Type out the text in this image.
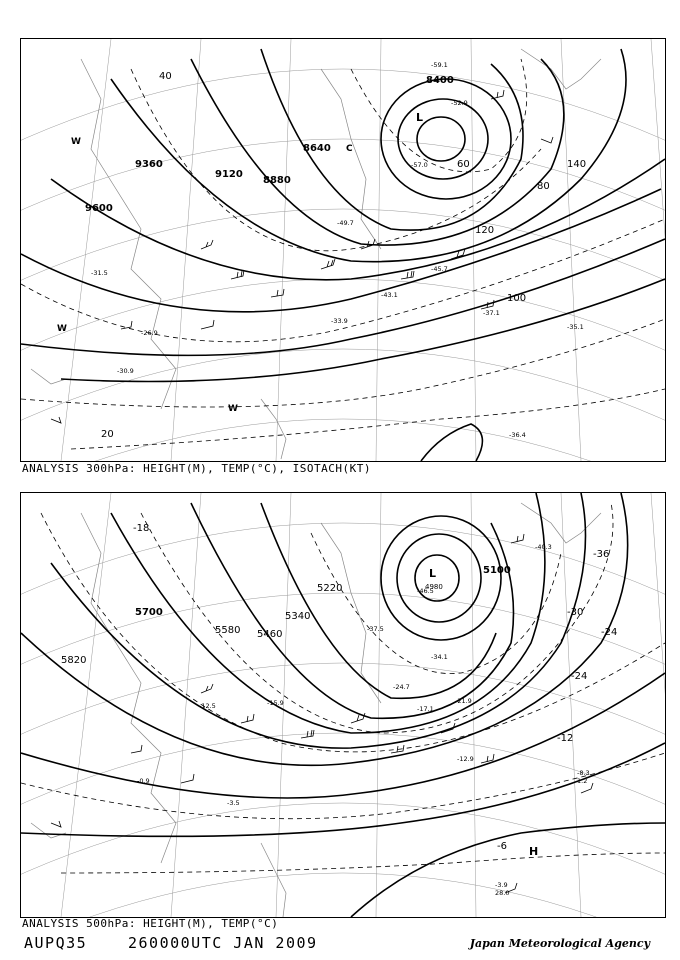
9600
9360
9120
8880
8640
8400
20
40
60
80
100
120
140
-31.5
-26.9
-33.9
-37.1
-43.1
-45.7
-49.7
-52.9
-57.0
-59.1
-35.1
-30.9
-36.4
L
W
W
W
C
ANALYSIS 300hPa: HEIGHT(M), TEMP(°C), ISOTACH(KT)
5820
5700
5580 5460
5340
5220
5100
4980
-18
-30
-24
-12
-6
-24
-36
-12.5	-15.9
-17.1
-21.9
-24.7
-34.1
-37.5
-40.3
-46.5
-12.9
-8.3
-3.9
-3.5
-0.9	1.2
28.0
L
H
ANALYSIS 500hPa: HEIGHT(M), TEMP(°C)
AUPQ35	260000UTC JAN 2009	Japan Meteorological Agency
